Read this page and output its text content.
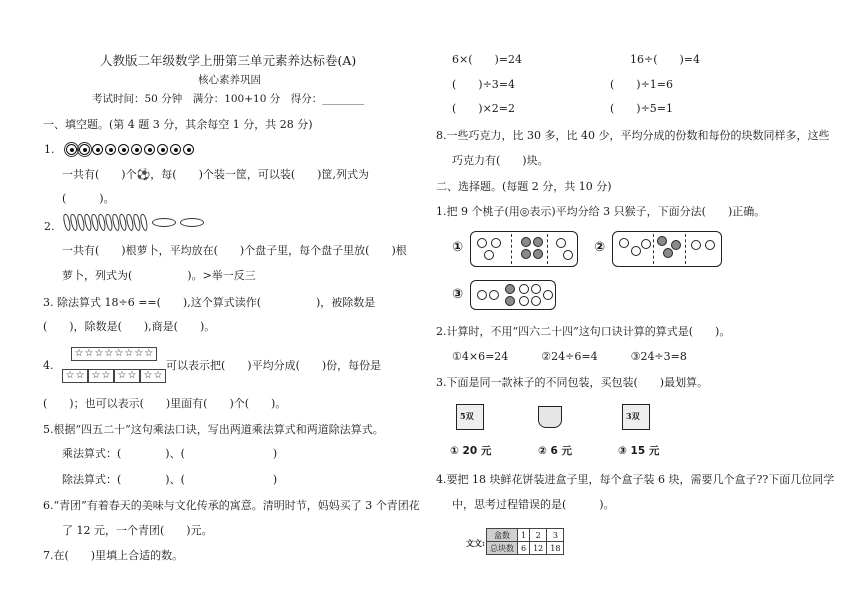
人教版二年级数学上册第三单元素养达标卷(A)
核心素养巩固
考试时间：50 分钟　满分：100+10 分　得分：________
一、填空题。(第 4 题 3 分，其余每空 1 分，共 28 分)
1.
一共有(　　)个⚽，每(　　)个装一筐，可以装(　　)筐,列式为
(　　　)。
2.
一共有(　　)根萝卜，平均放在(　　)个盘子里，每个盘子里放(　　)根
萝卜，列式为(　　　　　)。>举一反三
3. 除法算式 18÷6 ==(　　),这个算式读作(　　　　　)，被除数是
(　　)，除数是(　　),商是(　　)。
4.
☆ ☆ ☆ ☆ ☆ ☆ ☆ ☆
☆ ☆ ☆ ☆ ☆ ☆ ☆ ☆
可以表示把(　　)平均分成(　　)份，每份是
(　　)；也可以表示(　　)里面有(　　)个(　　)。
5.根据“四五二十”这句乘法口诀，写出两道乘法算式和两道除法算式。
乘法算式：(　　　　)、(　　　　　　　　)
除法算式：(　　　　)、(　　　　　　　　)
6.“青团”有着春天的美味与文化传承的寓意。清明时节，妈妈买了 3 个青团花
了 12 元，一个青团(　　)元。
7.在(　　)里填上合适的数。
6×(　　)=24	16÷(　　)=4
(　　)÷3=4	(　　)÷1=6
(　　)×2=2	(　　)÷5=1
8.一些巧克力，比 30 多，比 40 少，平均分成的份数和每份的块数同样多，这些
巧克力有(　　)块。
二、选择题。(每题 2 分，共 10 分)
1.把 9 个桃子(用◎表示)平均分给 3 只猴子，下面分法(　　)正确。
①	②
③
2.计算时，不用“四六二十四”这句口诀计算的算式是(　　)。
①4×6=24　　　②24÷6=4　　　③24÷3=8
3.下面是同一款袜子的不同包装，买包装(　　)最划算。
5双	3双
① 20 元	② 6 元	③ 15 元
4.要把 18 块鲜花饼装进盒子里，每个盒子装 6 块，需要几个盒子??下面几位同学
中，思考过程错误的是(　　　)。
文文:
盒数	1	2	3
总块数	6	12	18
